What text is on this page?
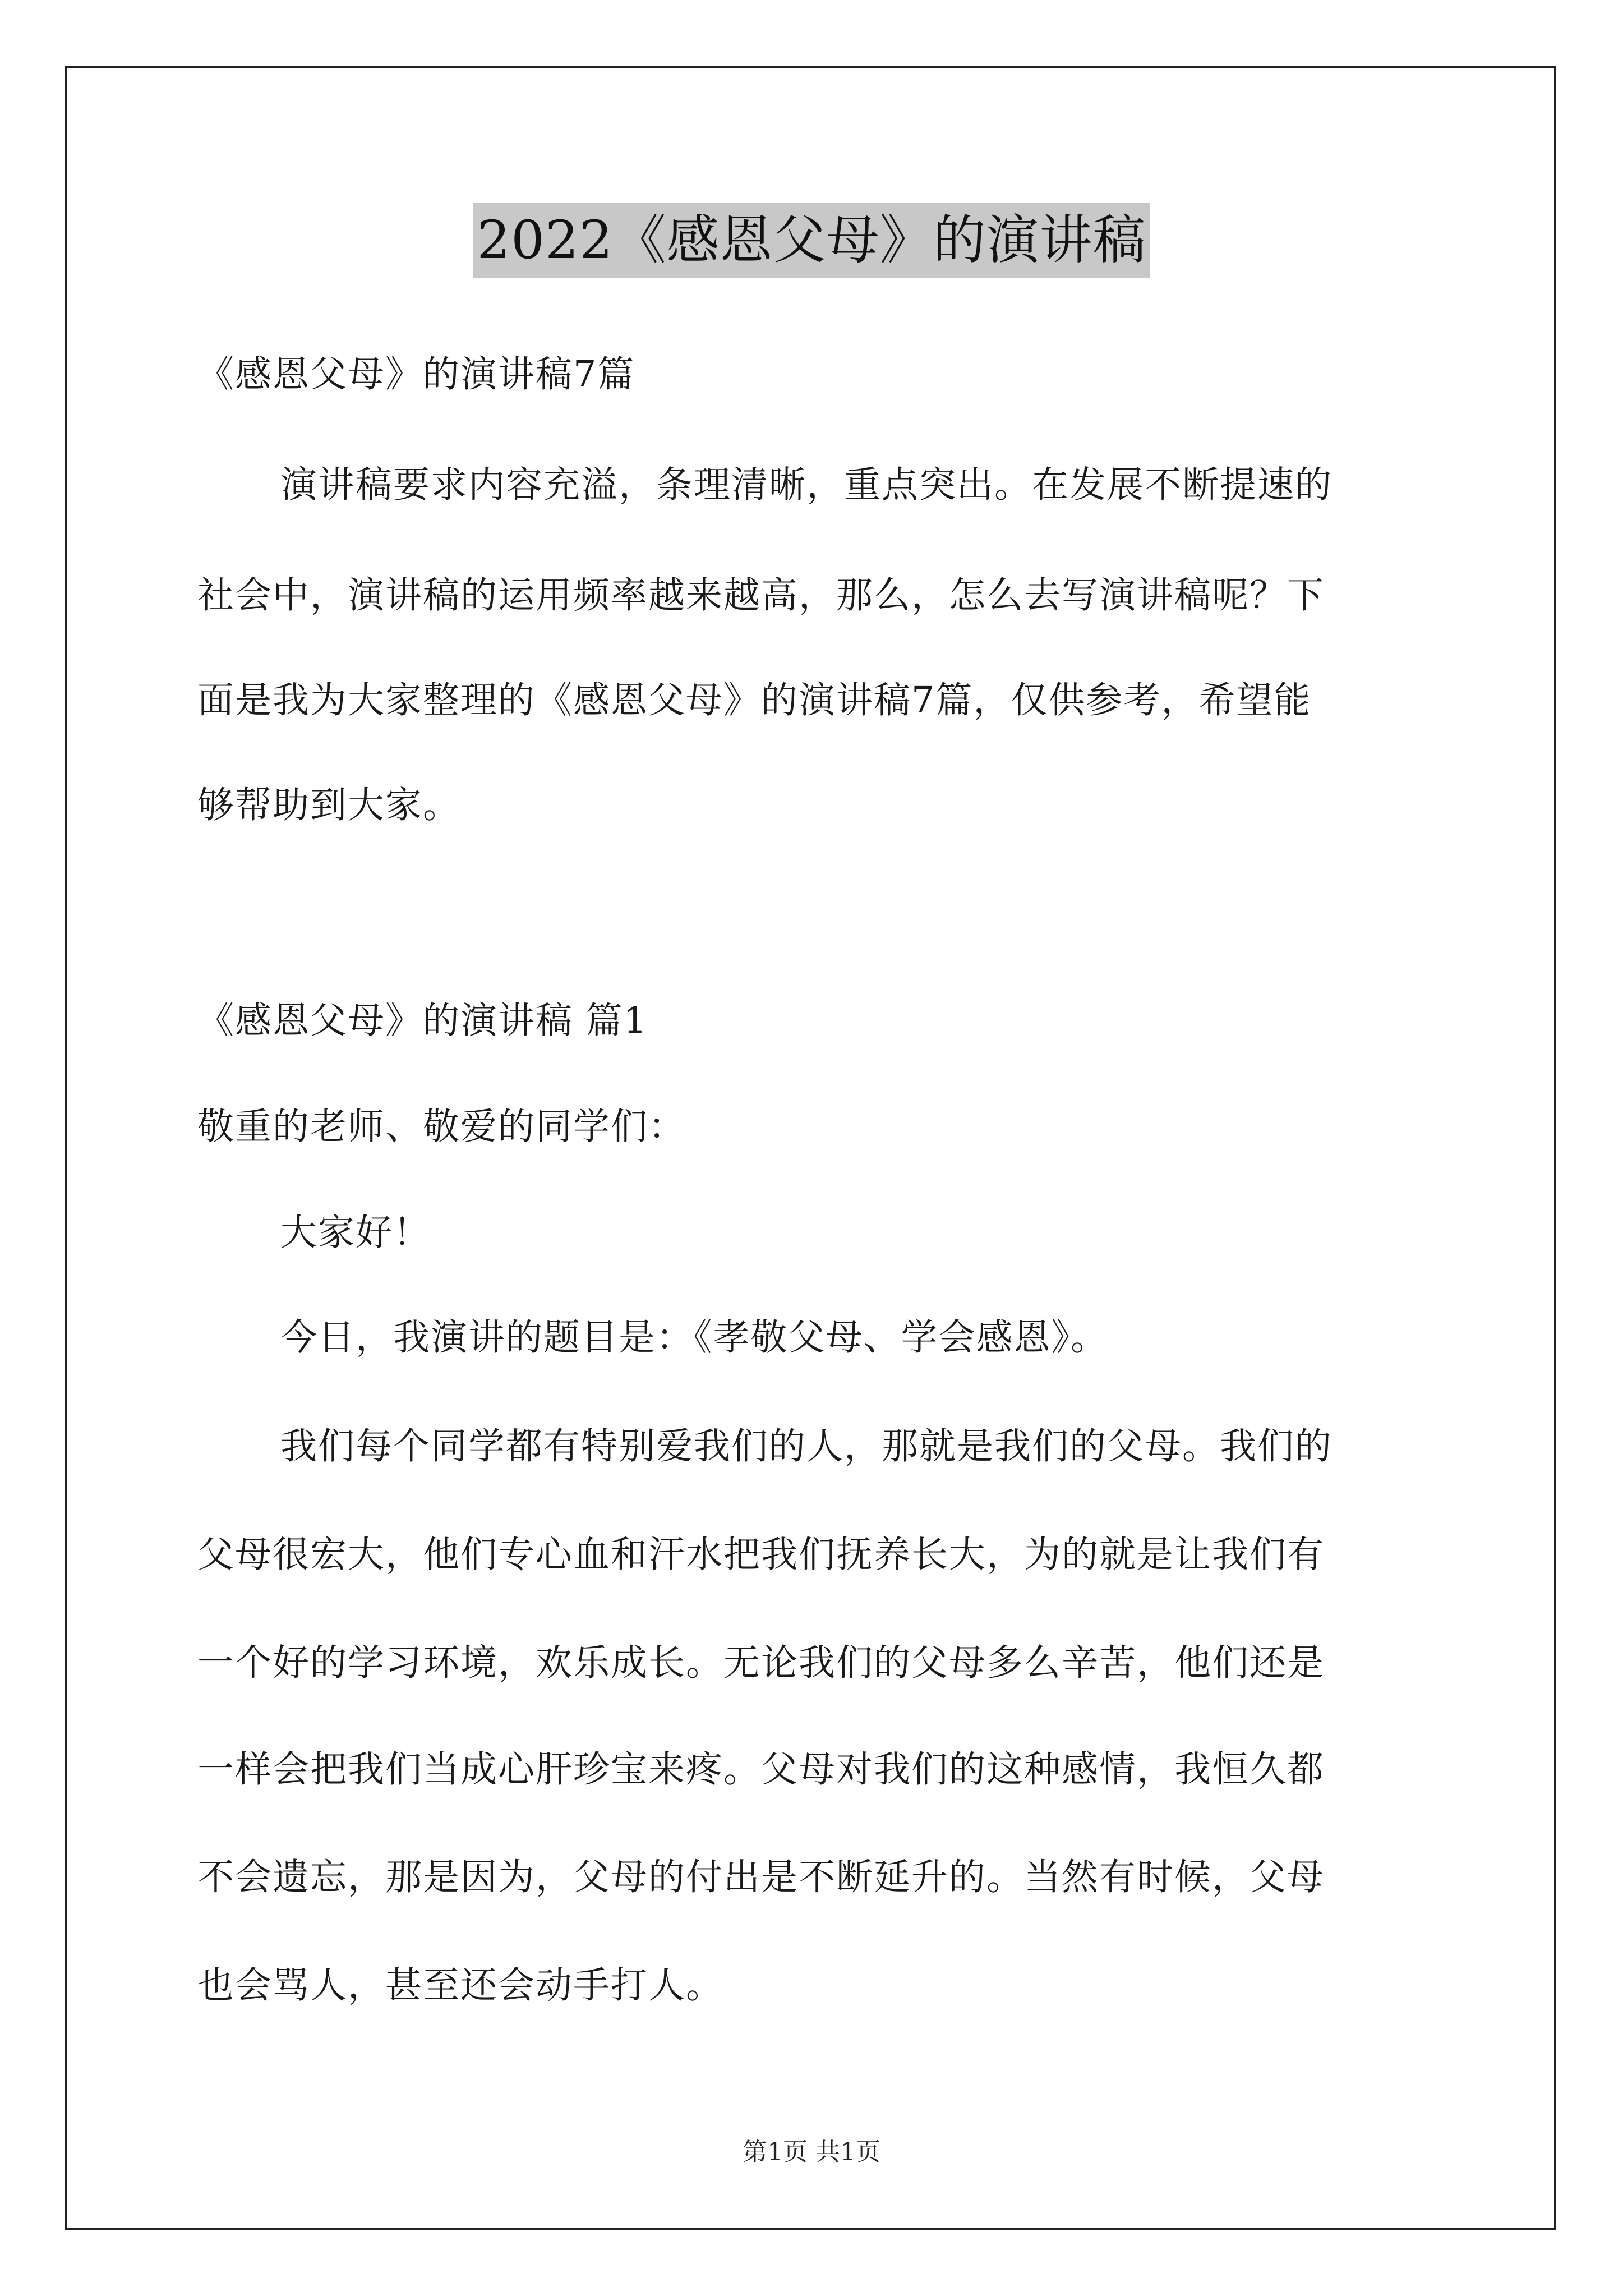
2022《感恩父母》的演讲稿
《感恩父母》的演讲稿7篇
演讲稿要求内容充溢，条理清晰，重点突出。在发展不断提速的
社会中，演讲稿的运用频率越来越高，那么，怎么去写演讲稿呢？下
面是我为大家整理的《感恩父母》的演讲稿7篇，仅供参考，希望能
够帮助到大家。
《感恩父母》的演讲稿 篇1
敬重的老师、敬爱的同学们：
大家好！
今日，我演讲的题目是：《孝敬父母、学会感恩》。
我们每个同学都有特别爱我们的人，那就是我们的父母。我们的
父母很宏大，他们专心血和汗水把我们抚养长大，为的就是让我们有
一个好的学习环境，欢乐成长。无论我们的父母多么辛苦，他们还是
一样会把我们当成心肝珍宝来疼。父母对我们的这种感情，我恒久都
不会遗忘，那是因为，父母的付出是不断延升的。当然有时候，父母
也会骂人，甚至还会动手打人。
第1页 共1页
